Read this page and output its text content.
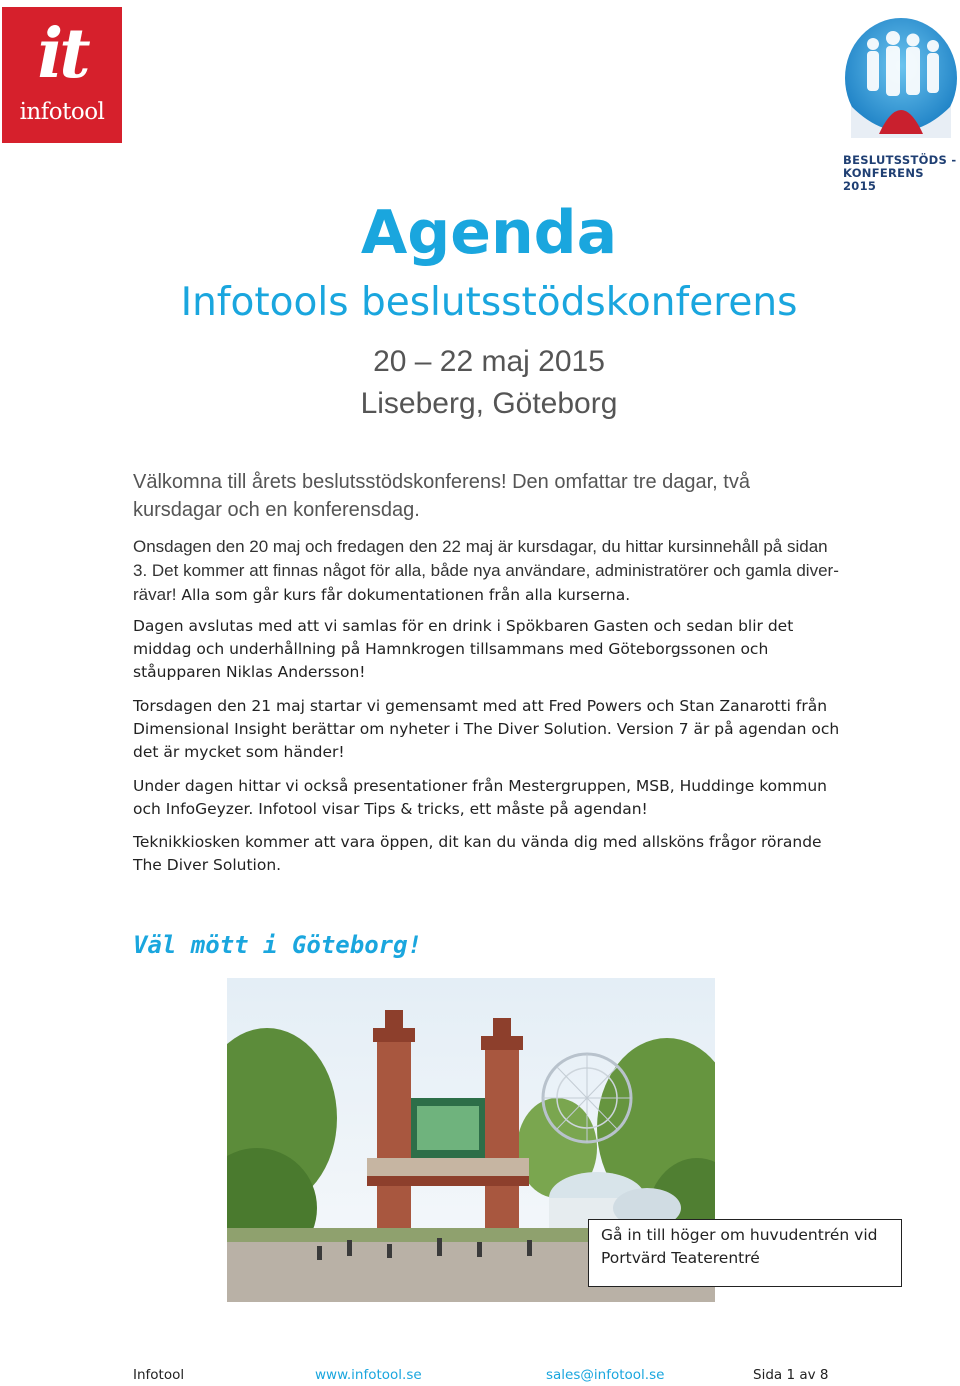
it
infotool
BESLUTSSTÖDS -
KONFERENS 2015
Agenda
Infotools beslutsstödskonferens
20 – 22 maj 2015
Liseberg, Göteborg

Välkomna till årets beslutsstödskonferens! Den omfattar tre dagar, två kursdagar och en konferensdag.

Onsdagen den 20 maj och fredagen den 22 maj är kursdagar, du hittar kursinnehåll på sidan 3. Det kommer att finnas något för alla, både nya användare, administratörer och gamla diver-rävar! Alla som går kurs får dokumentationen från alla kurserna.

Dagen avslutas med att vi samlas för en drink i Spökbaren Gasten och sedan blir det middag och underhållning på Hamnkrogen tillsammans med Göteborgssonen och ståupparen Niklas Andersson!

Torsdagen den 21 maj startar vi gemensamt med att Fred Powers och Stan Zanarotti från Dimensional Insight berättar om nyheter i The Diver Solution. Version 7 är på agendan och det är mycket som händer!

Under dagen hittar vi också presentationer från Mestergruppen, MSB, Huddinge kommun och InfoGeyzer. Infotool visar Tips & tricks, ett måste på agendan!

Teknikkiosken kommer att vara öppen, dit kan du vända dig med allsköns frågor rörande The Diver Solution.

Väl mött i Göteborg!
Gå in till höger om huvudentrén vid Portvärd Teaterentré
Infotool	www.infotool.se	sales@infotool.se	Sida 1 av 8
